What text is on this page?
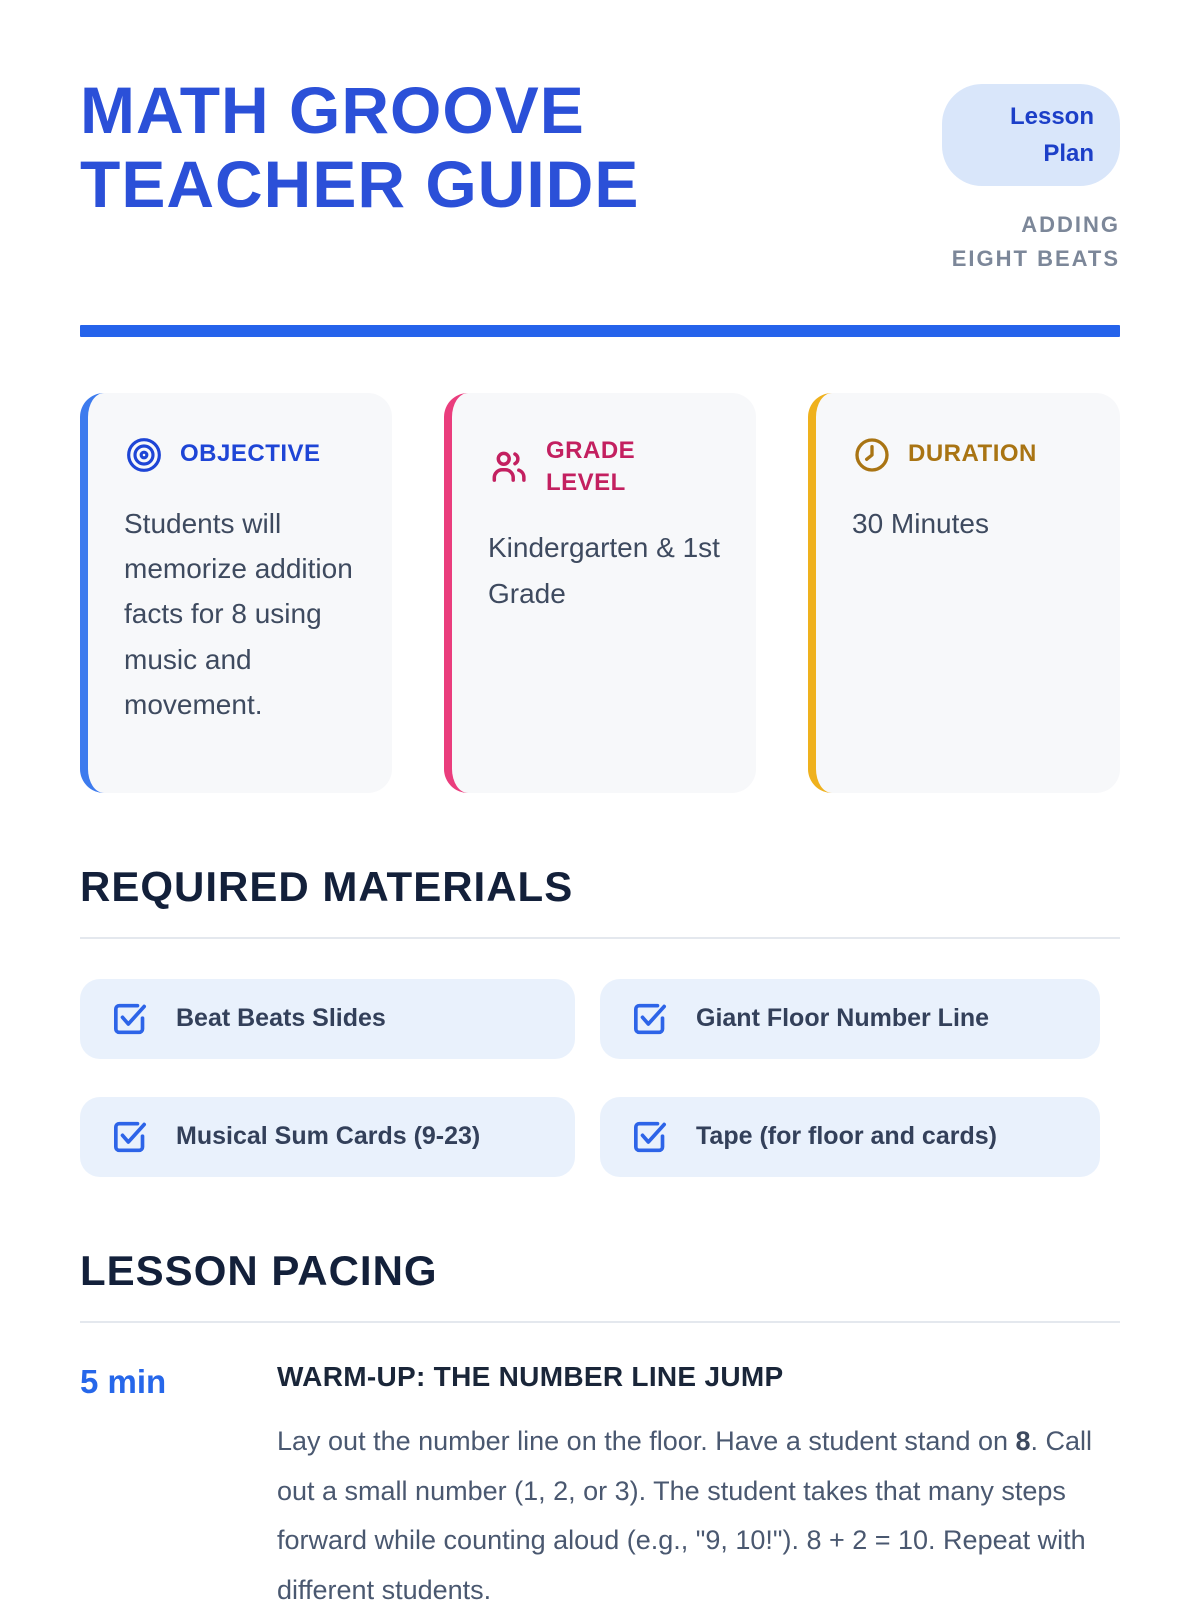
MATH GROOVE TEACHER GUIDE
Lesson Plan
ADDING EIGHT BEATS
OBJECTIVE

Students will memorize addition facts for 8 using music and movement.

GRADE LEVEL

Kindergarten & 1st Grade

DURATION

30 Minutes

REQUIRED MATERIALS
Beat Beats Slides	Giant Floor Number Line
Musical Sum Cards (9-23)	Tape (for floor and cards)
LESSON PACING
5 min	WARM-UP: THE NUMBER LINE JUMP

Lay out the number line on the floor. Have a student stand on 8. Call out a small number (1, 2, or 3). The student takes that many steps forward while counting aloud (e.g., "9, 10!"). 8 + 2 = 10. Repeat with different students.
